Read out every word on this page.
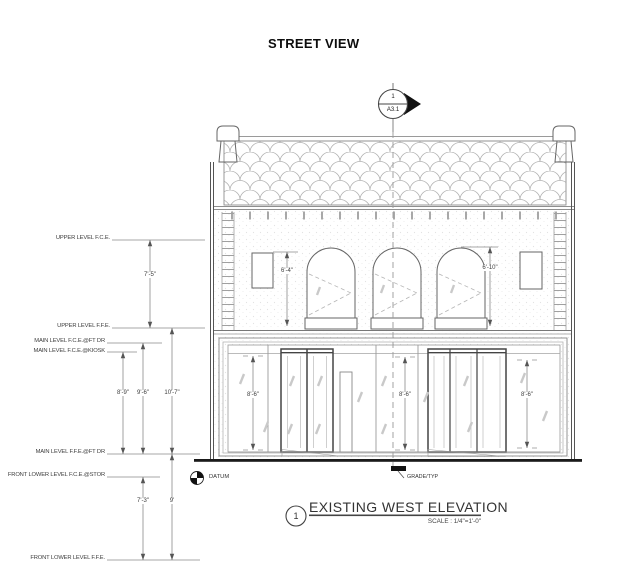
STREET VIEW
1
A3.1
UPPER LEVEL F.C.E.
UPPER LEVEL F.F.E.
MAIN LEVEL F.C.E.@FT DR
MAIN LEVEL F.C.E.@KIOSK
MAIN LEVEL F.F.E.@FT DR
FRONT LOWER LEVEL F.C.E.@STOR
FRONT LOWER LEVEL F.F.E.
7'-5"
8'-9" 9'-6"	10'-7"
7'-3"	9'
6'-4"	6'-10"
8'-6"	8'-6"	8'-6"
DATUM	GRADE/TYP
1
EXISTING WEST ELEVATION
SCALE : 1/4"=1'-0"
